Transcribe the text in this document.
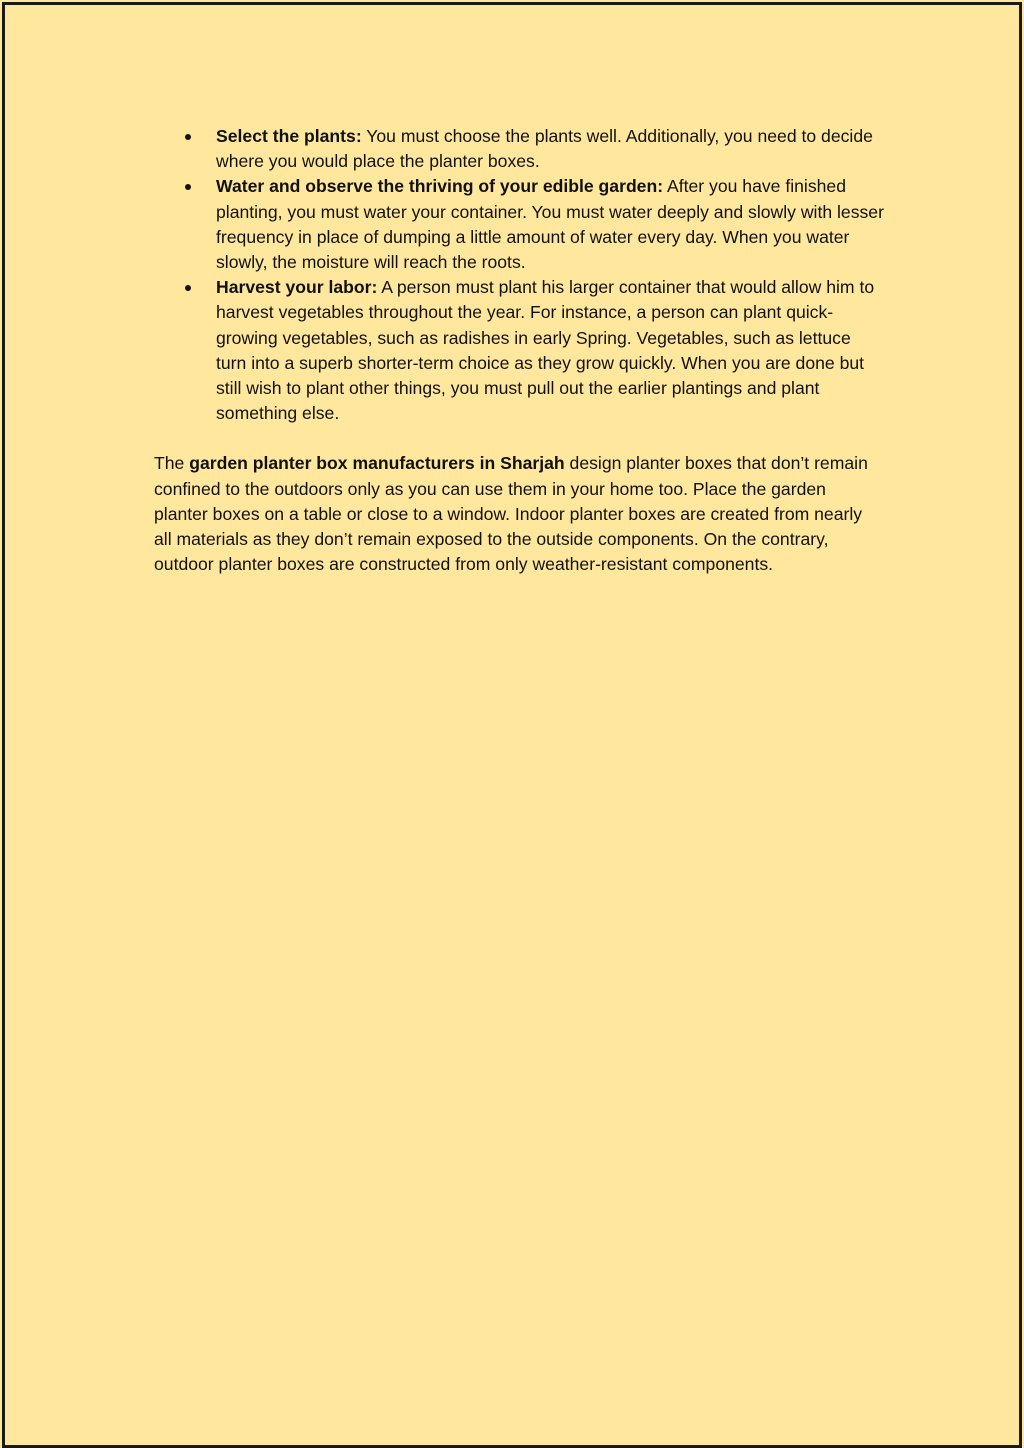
Select the plants: You must choose the plants well. Additionally, you need to decide where you would place the planter boxes.
Water and observe the thriving of your edible garden: After you have finished planting, you must water your container. You must water deeply and slowly with lesser frequency in place of dumping a little amount of water every day. When you water slowly, the moisture will reach the roots.
Harvest your labor: A person must plant his larger container that would allow him to harvest vegetables throughout the year. For instance, a person can plant quick-growing vegetables, such as radishes in early Spring. Vegetables, such as lettuce turn into a superb shorter-term choice as they grow quickly. When you are done but still wish to plant other things, you must pull out the earlier plantings and plant something else.

The garden planter box manufacturers in Sharjah design planter boxes that don’t remain confined to the outdoors only as you can use them in your home too. Place the garden planter boxes on a table or close to a window. Indoor planter boxes are created from nearly all materials as they don’t remain exposed to the outside components. On the contrary, outdoor planter boxes are constructed from only weather-resistant components.
